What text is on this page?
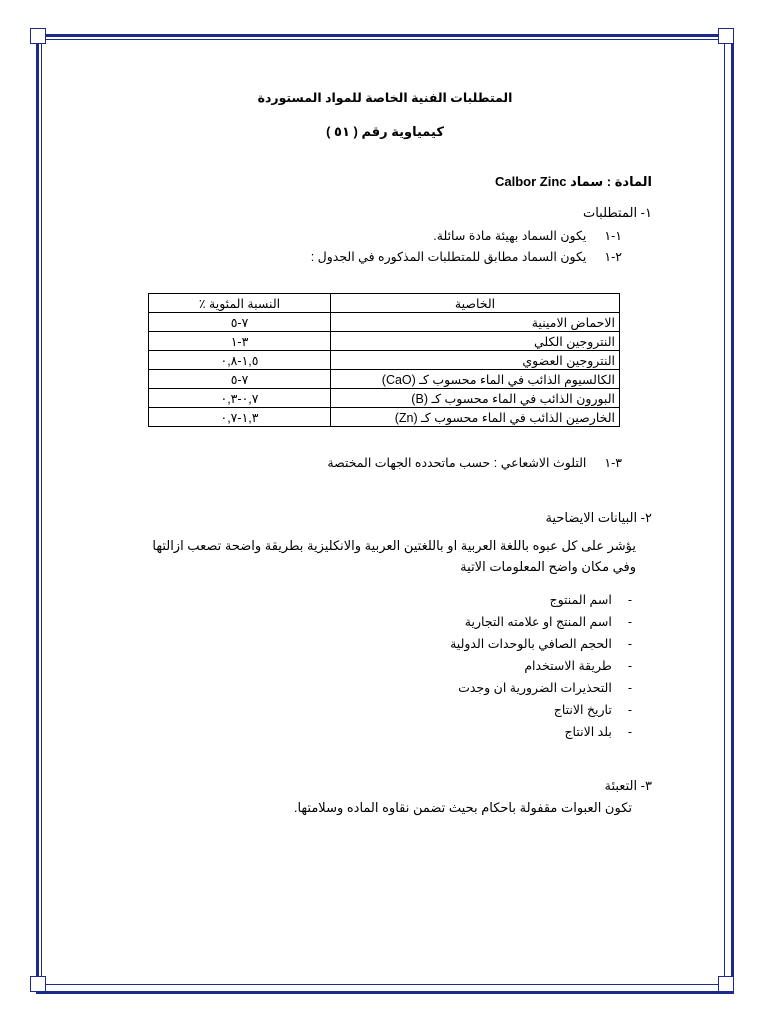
المتطلبات الفنية الخاصة للمواد المستوردة
كيمياوية رقم ( ٥١ )
المادة : سماد Calbor Zinc
١- المتطلبات
١-١يكون السماد بهيئة مادة سائلة.
٢-١يكون السماد مطابق للمتطلبات المذكوره في الجدول :
الخاصية	النسبة المئوية ٪
الاحماض الامينية	٧-٥
النتروجين الكلي	٣-١
النتروجين العضوي	١,٥-٠,٨
الكالسيوم الذائب في الماء محسوب كـ (CaO)	٧-٥
البورون الذائب في الماء محسوب كـ (B)	٠,٧-٠,٣
الخارصين الذائب في الماء محسوب كـ (Zn)	١,٣-٠,٧
٣-١التلوث الاشعاعي : حسب ماتحدده الجهات المختصة
٢- البيانات الايضاحية
يؤشر على كل عبوه باللغة العربية او باللغتين العربية والانكليزية بطريقة واضحة تصعب ازالتها وفي مكان واضح المعلومات الاتية
-اسم المنتوج
-اسم المنتج او علامته التجارية
-الحجم الصافي بالوحدات الدولية
-طريقة الاستخدام
-التحذيرات الضرورية ان وجدت
-تاريخ الانتاج
-بلد الانتاج
٣- التعبئة
تكون العبوات مقفولة باحكام بحيث تضمن نقاوه الماده وسلامتها.
